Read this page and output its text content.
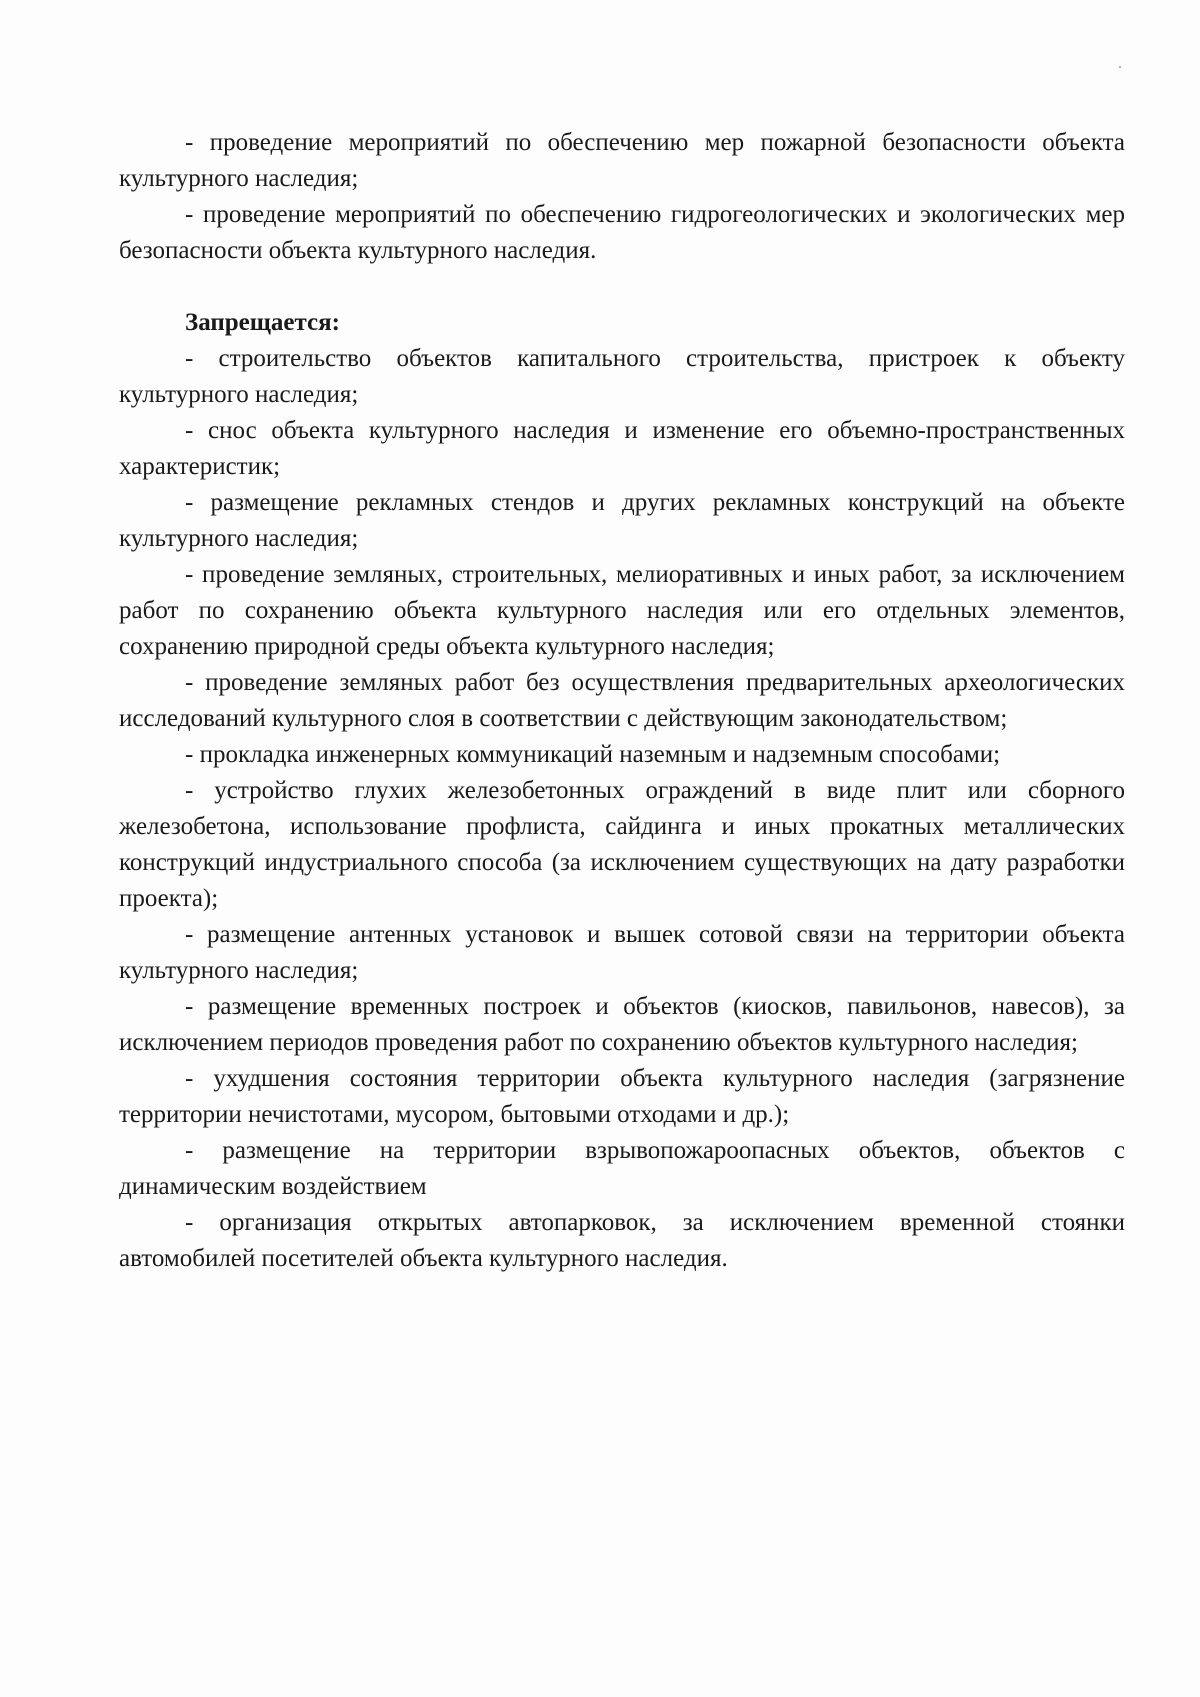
- проведение мероприятий по обеспечению мер пожарной безопасности объекта культурного наследия;

- проведение мероприятий по обеспечению гидрогеологических и экологических мер безопасности объекта культурного наследия.

Запрещается:

- строительство объектов капитального строительства, пристроек к объекту культурного наследия;

- снос объекта культурного наследия и изменение его объемно-пространственных характеристик;

- размещение рекламных стендов и других рекламных конструкций на объекте культурного наследия;

- проведение земляных, строительных, мелиоративных и иных работ, за исключением работ по сохранению объекта культурного наследия или его отдельных элементов, сохранению природной среды объекта культурного наследия;

- проведение земляных работ без осуществления предварительных археологических исследований культурного слоя в соответствии с действующим законодательством;

- прокладка инженерных коммуникаций наземным и надземным способами;

- устройство глухих железобетонных ограждений в виде плит или сборного железобетона, использование профлиста, сайдинга и иных прокатных металлических конструкций индустриального способа (за исключением существующих на дату разработки проекта);

- размещение антенных установок и вышек сотовой связи на территории объекта культурного наследия;

- размещение временных построек и объектов (киосков, павильонов, навесов), за исключением периодов проведения работ по сохранению объектов культурного наследия;

- ухудшения состояния территории объекта культурного наследия (загрязнение территории нечистотами, мусором, бытовыми отходами и др.);

- размещение на территории взрывопожароопасных объектов, объектов с динамическим воздействием

- организация открытых автопарковок, за исключением временной стоянки автомобилей посетителей объекта культурного наследия.
